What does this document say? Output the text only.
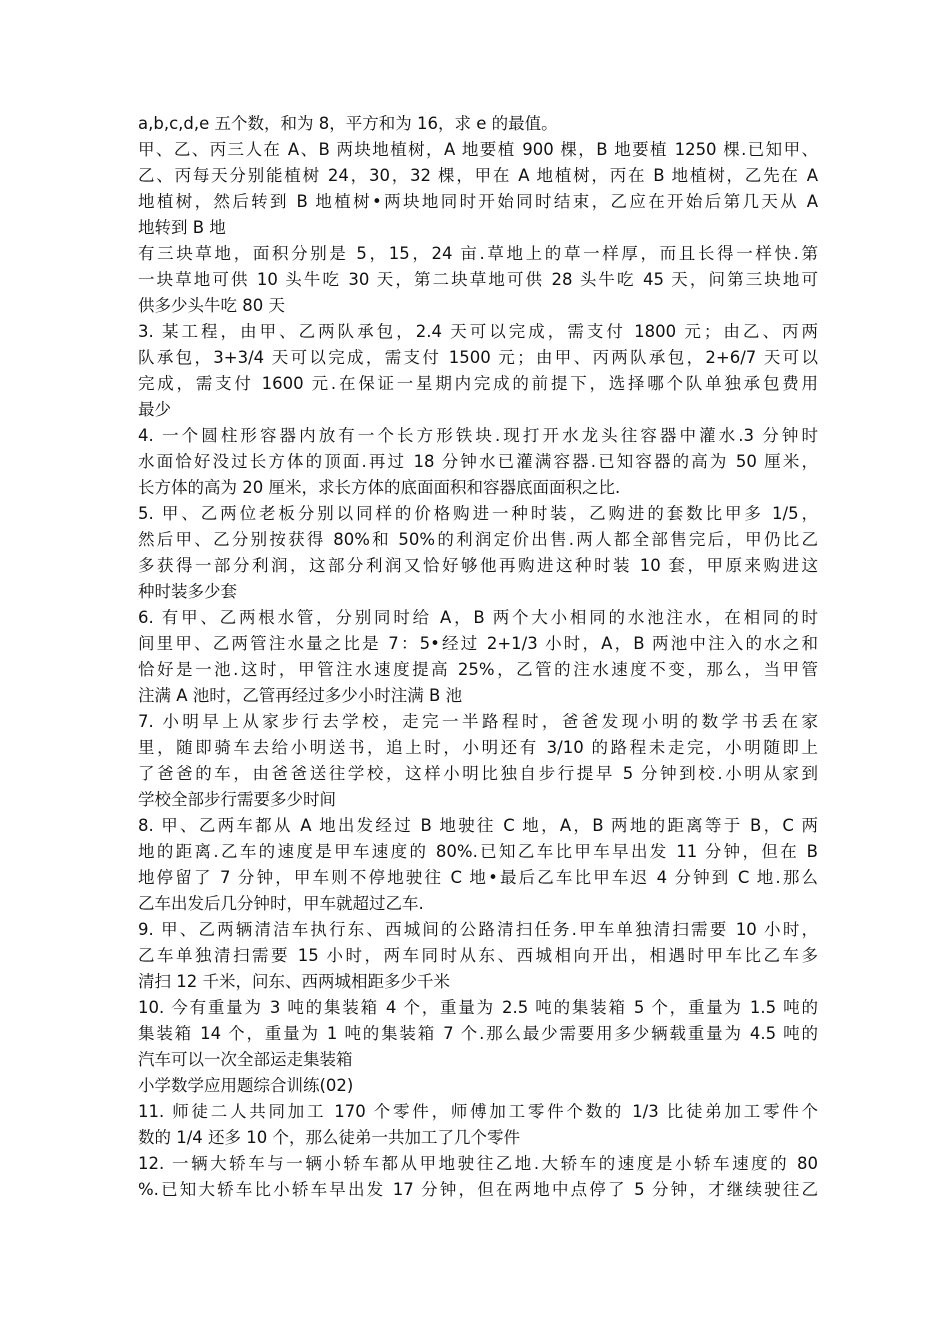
a,b,c,d,e 五个数，和为 8，平方和为 16，求 e 的最值。
甲、乙、丙三人在 A、B 两块地植树，A 地要植 900 棵，B 地要植 1250 棵.已知甲、
乙、丙每天分别能植树 24，30，32 棵，甲在 A 地植树，丙在 B 地植树，乙先在 A
地植树，然后转到 B 地植树•两块地同时开始同时结束，乙应在开始后第几天从 A
地转到 B 地
有三块草地，面积分别是 5，15，24 亩.草地上的草一样厚，而且长得一样快.第
一块草地可供 10 头牛吃 30 天，第二块草地可供 28 头牛吃 45 天，问第三块地可
供多少头牛吃 80 天
3. 某工程，由甲、乙两队承包，2.4 天可以完成，需支付 1800 元；由乙、丙两
队承包，3+3/4 天可以完成，需支付 1500 元；由甲、丙两队承包，2+6/7 天可以
完成，需支付 1600 元.在保证一星期内完成的前提下，选择哪个队单独承包费用
最少
4. 一个圆柱形容器内放有一个长方形铁块.现打开水龙头往容器中灌水.3 分钟时
水面恰好没过长方体的顶面.再过 18 分钟水已灌满容器.已知容器的高为 50 厘米，
长方体的高为 20 厘米，求长方体的底面面积和容器底面面积之比.
5. 甲、乙两位老板分别以同样的价格购进一种时装，乙购进的套数比甲多 1/5，
然后甲、乙分别按获得 80%和 50%的利润定价出售.两人都全部售完后，甲仍比乙
多获得一部分利润，这部分利润又恰好够他再购进这种时装 10 套，甲原来购进这
种时装多少套
6. 有甲、乙两根水管，分别同时给 A，B 两个大小相同的水池注水，在相同的时
间里甲、乙两管注水量之比是 7：5•经过 2+1/3 小时，A，B 两池中注入的水之和
恰好是一池.这时，甲管注水速度提高 25%，乙管的注水速度不变，那么，当甲管
注满 A 池时，乙管再经过多少小时注满 B 池
7. 小明早上从家步行去学校，走完一半路程时，爸爸发现小明的数学书丢在家
里，随即骑车去给小明送书，追上时，小明还有 3/10 的路程未走完，小明随即上
了爸爸的车，由爸爸送往学校，这样小明比独自步行提早 5 分钟到校.小明从家到
学校全部步行需要多少时间
8. 甲、乙两车都从 A 地出发经过 B 地驶往 C 地，A，B 两地的距离等于 B，C 两
地的距离.乙车的速度是甲车速度的 80%.已知乙车比甲车早出发 11 分钟，但在 B
地停留了 7 分钟，甲车则不停地驶往 C 地•最后乙车比甲车迟 4 分钟到 C 地.那么
乙车出发后几分钟时，甲车就超过乙车.
9. 甲、乙两辆清洁车执行东、西城间的公路清扫任务.甲车单独清扫需要 10 小时，
乙车单独清扫需要 15 小时，两车同时从东、西城相向开出，相遇时甲车比乙车多
清扫 12 千米，问东、西两城相距多少千米
10. 今有重量为 3 吨的集装箱 4 个，重量为 2.5 吨的集装箱 5 个，重量为 1.5 吨的
集装箱 14 个，重量为 1 吨的集装箱 7 个.那么最少需要用多少辆载重量为 4.5 吨的
汽车可以一次全部运走集装箱
小学数学应用题综合训练(02)
11. 师徒二人共同加工 170 个零件，师傅加工零件个数的 1/3 比徒弟加工零件个
数的 1/4 还多 10 个，那么徒弟一共加工了几个零件
12. 一辆大轿车与一辆小轿车都从甲地驶往乙地.大轿车的速度是小轿车速度的 80
%.已知大轿车比小轿车早出发 17 分钟，但在两地中点停了 5 分钟，才继续驶往乙
